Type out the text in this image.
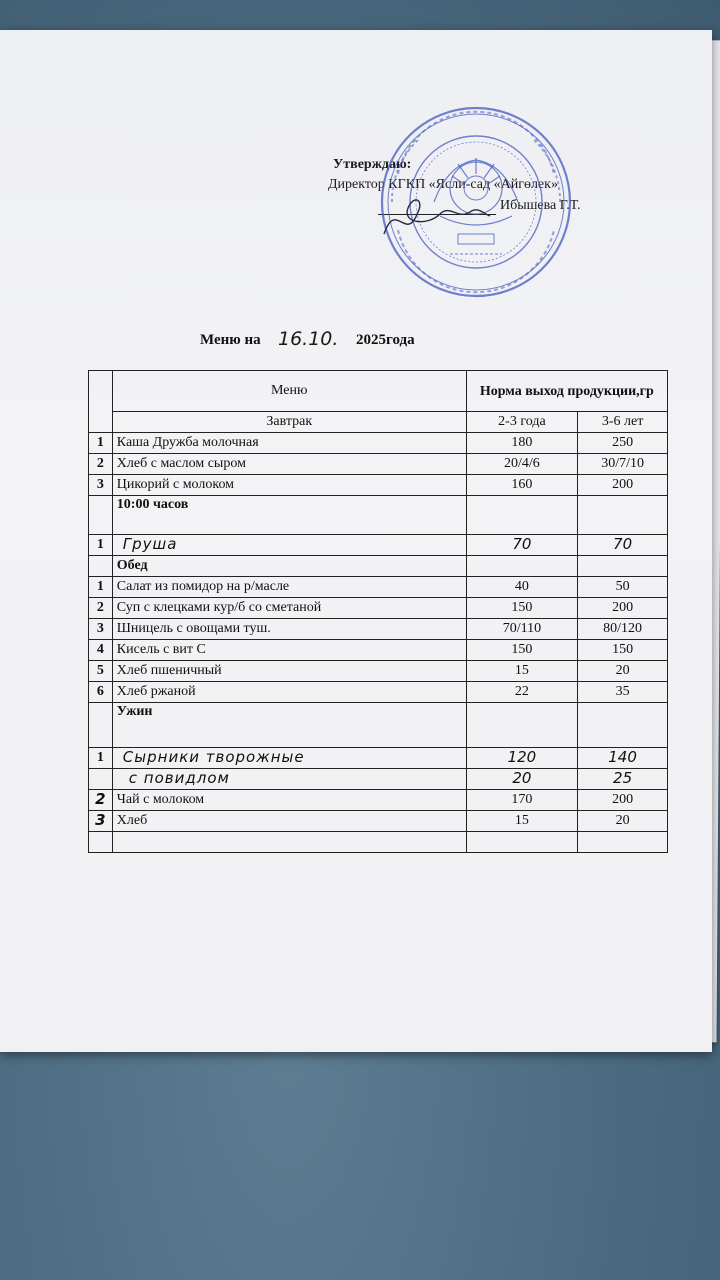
Утверждаю:
Директор КГКП «Ясли-сад «Айгөлек»
Ибышева Г.Т.
Меню на 16.10. 2025года
	Меню	Норма выход продукции,гр	
	Завтрак	2-3 года	3-6 лет
1	Каша Дружба молочная	180	250
2	Хлеб с маслом сыром	20/4/6	30/7/10
3	Цикорий с молоком	160	200
	10:00 часов		
1	Груша	70	70
	Обед		
1	Салат из помидор на р/масле	40	50
2	Суп с клецками кур/б со сметаной	150	200
3	Шницель с овощами туш.	70/110	80/120
4	Кисель с вит С	150	150
5	Хлеб пшеничный	15	20
6	Хлеб ржаной	22	35
	Ужин		
1	Сырники творожные	120	140
	с повидлом	20	25
2	Чай с молоком	170	200
3	Хлеб	15	20
